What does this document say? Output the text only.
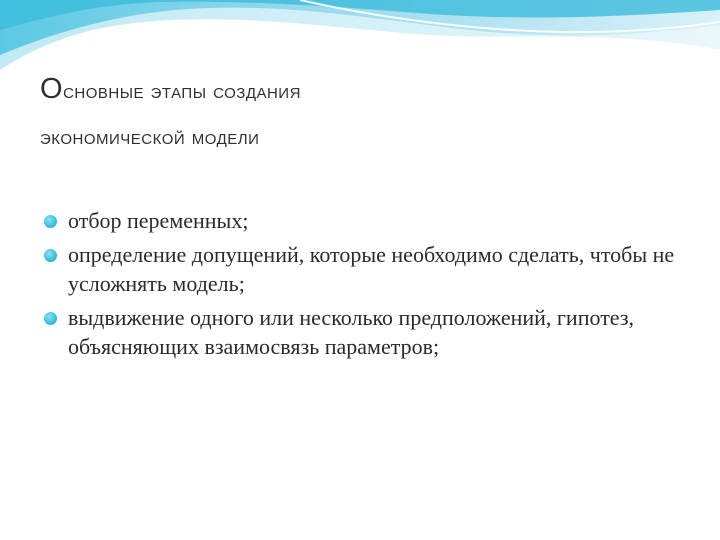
Основные этапы создания
экономической модели
отбор переменных;
определение допущений, которые необходимо сделать, чтобы не усложнять модель;
выдвижение одного или несколько предположений, гипотез, объясняющих взаимосвязь параметров;
